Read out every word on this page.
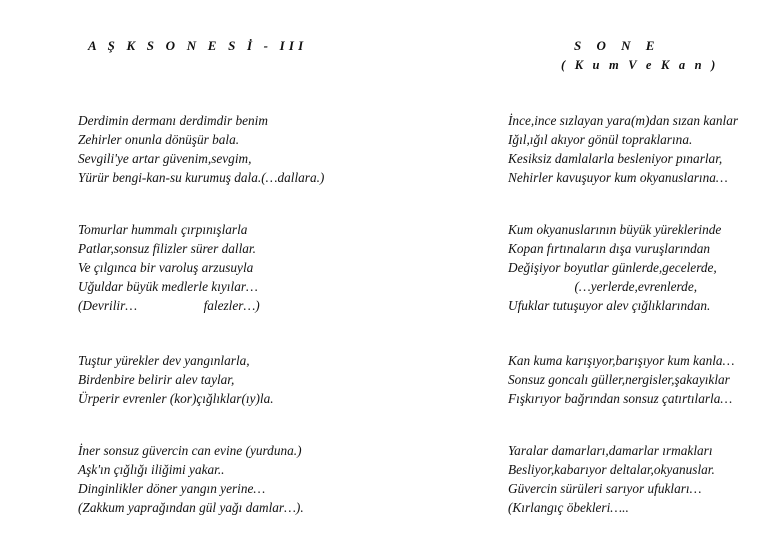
A Ş K S O N E S İ - III	S O N E
( K u m V e K a n )
Derdimin dermanı derdimdir benim
Zehirler onunla dönüşür bala.
Sevgili'ye artar güvenim,sevgim,
Yürür bengi-kan-su kurumuş dala.(…dallara.)
Tomurlar hummalı çırpınışlarla
Patlar,sonsuz filizler sürer dallar.
Ve çılgınca bir varoluş arzusuyla
Uğuldar büyük medlerle kıyılar…
(Devrilir…                    falezler…)
Tuştur yürekler dev yangınlarla,
Birdenbire belirir alev taylar,
Ürperir evrenler (kor)çığlıklar(ıy)la.
İner sonsuz güvercin can evine (yurduna.)
Aşk'ın çığlığı iliğimi yakar..
Dinginlikler döner yangın yerine…
(Zakkum yaprağından gül yağı damlar…).
İnce,ince sızlayan yara(m)dan sızan kanlar
Iğıl,ığıl akıyor gönül topraklarına.
Kesiksiz damlalarla besleniyor pınarlar,
Nehirler kavuşuyor kum okyanuslarına…
Kum okyanuslarının büyük yüreklerinde
Kopan fırtınaların dışa vuruşlarından
Değişiyor boyutlar günlerde,gecelerde,
(…yerlerde,evrenlerde,
Ufuklar tutuşuyor alev çığlıklarından.
Kan kuma karışıyor,barışıyor kum kanla…
Sonsuz goncalı güller,nergisler,şakayıklar
Fışkırıyor bağrından sonsuz çatırtılarla…
Yaralar damarları,damarlar ırmakları
Besliyor,kabarıyor deltalar,okyanuslar.
Güvercin sürüleri sarıyor ufukları…
(Kırlangıç öbekleri…..
